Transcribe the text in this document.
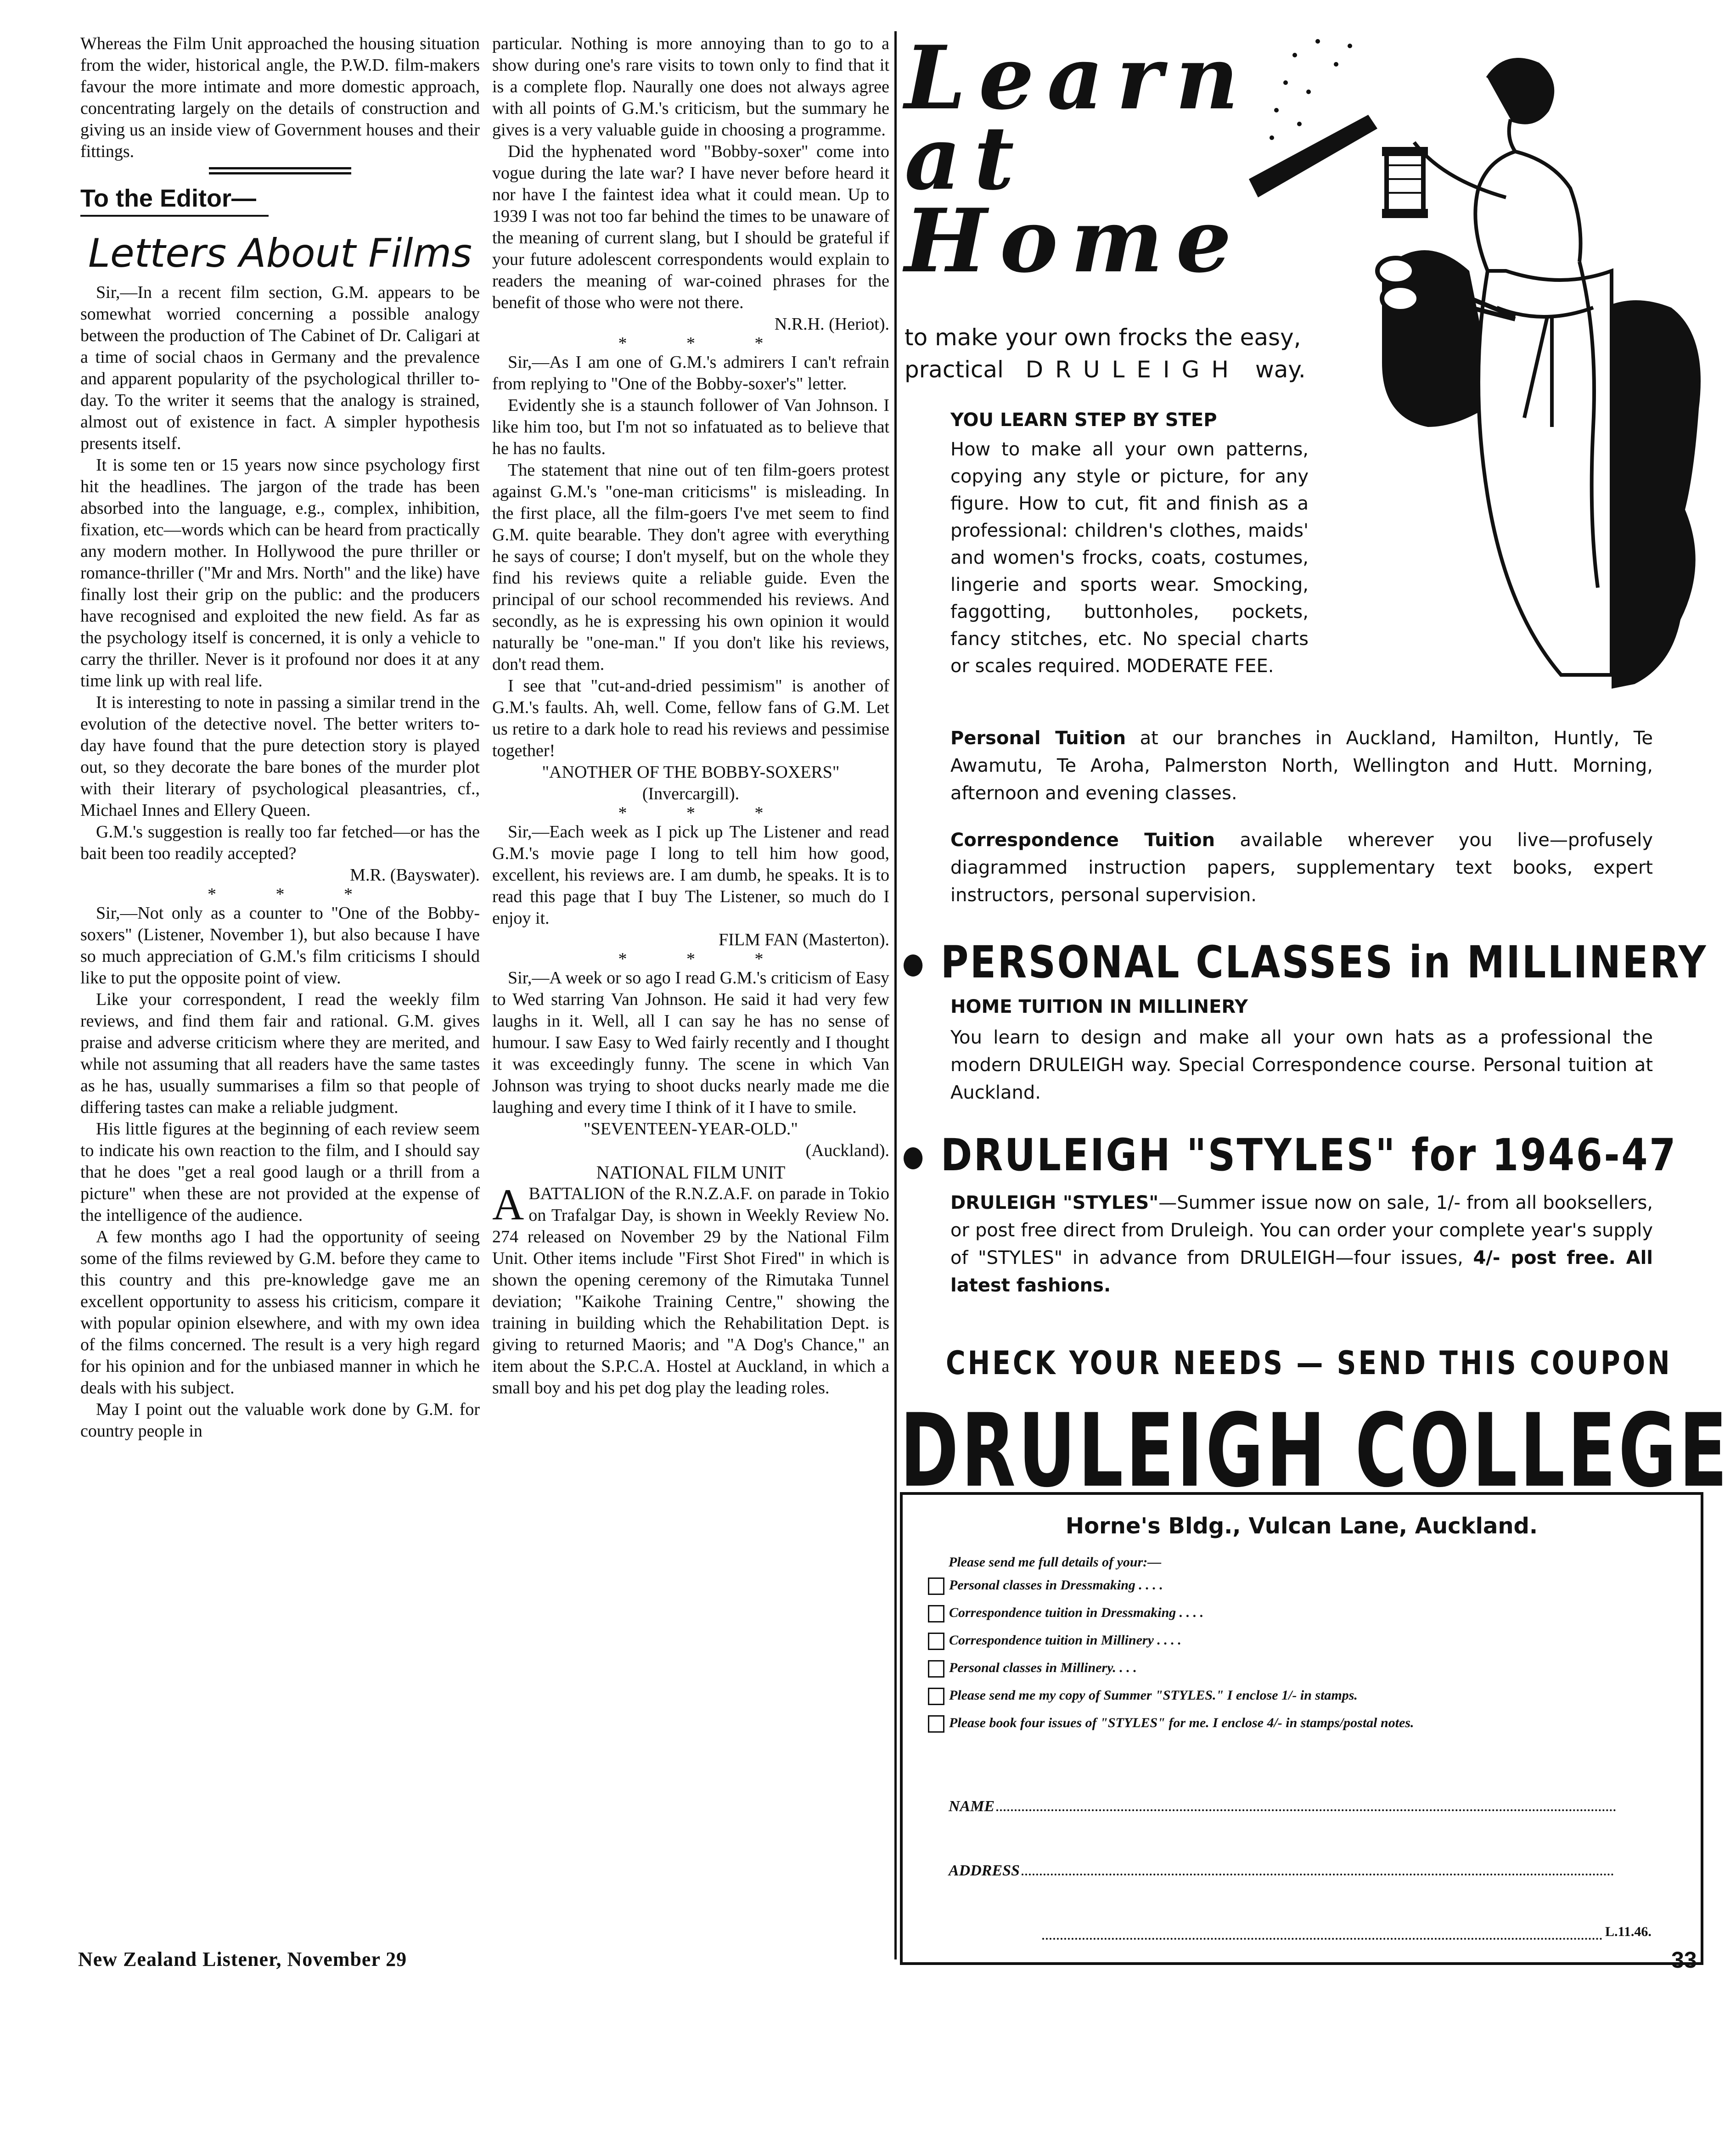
Whereas the Film Unit approached the housing situation from the wider, historical angle, the P.W.D. film-makers favour the more intimate and more domestic approach, concentrating largely on the details of construction and giving us an inside view of Government houses and their fittings.

To the Editor—
Letters About Films

Sir,—In a recent film section, G.M. appears to be somewhat worried concerning a possible analogy between the production of The Cabinet of Dr. Caligari at a time of social chaos in Germany and the prevalence and apparent popularity of the psychological thriller to-day. To the writer it seems that the analogy is strained, almost out of existence in fact. A simpler hypothesis presents itself.

It is some ten or 15 years now since psychology first hit the headlines. The jargon of the trade has been absorbed into the language, e.g., complex, inhibition, fixation, etc—words which can be heard from practically any modern mother. In Hollywood the pure thriller or romance-thriller ("Mr and Mrs. North" and the like) have finally lost their grip on the public: and the producers have recognised and exploited the new field. As far as the psychology itself is concerned, it is only a vehicle to carry the thriller. Never is it profound nor does it at any time link up with real life.

It is interesting to note in passing a similar trend in the evolution of the detective novel. The better writers to-day have found that the pure detection story is played out, so they decorate the bare bones of the murder plot with their literary of psychological pleasantries, cf., Michael Innes and Ellery Queen.

G.M.'s suggestion is really too far fetched—or has the bait been too readily accepted?

M.R. (Bayswater).

* * *

Sir,—Not only as a counter to "One of the Bobby-soxers" (Listener, November 1), but also because I have so much appreciation of G.M.'s film criticisms I should like to put the opposite point of view.

Like your correspondent, I read the weekly film reviews, and find them fair and rational. G.M. gives praise and adverse criticism where they are merited, and while not assuming that all readers have the same tastes as he has, usually summarises a film so that people of differing tastes can make a reliable judgment.

His little figures at the beginning of each review seem to indicate his own reaction to the film, and I should say that he does "get a real good laugh or a thrill from a picture" when these are not provided at the expense of the intelligence of the audience.

A few months ago I had the opportunity of seeing some of the films reviewed by G.M. before they came to this country and this pre-knowledge gave me an excellent opportunity to assess his criticism, compare it with popular opinion elsewhere, and with my own idea of the films concerned. The result is a very high regard for his opinion and for the unbiased manner in which he deals with his subject.

May I point out the valuable work done by G.M. for country people in

particular. Nothing is more annoying than to go to a show during one's rare visits to town only to find that it is a complete flop. Naurally one does not always agree with all points of G.M.'s criticism, but the summary he gives is a very valuable guide in choosing a programme.

Did the hyphenated word "Bobby-soxer" come into vogue during the late war? I have never before heard it nor have I the faintest idea what it could mean. Up to 1939 I was not too far behind the times to be unaware of the meaning of current slang, but I should be grateful if your future adolescent correspondents would explain to readers the meaning of war-coined phrases for the benefit of those who were not there.

N.R.H. (Heriot).

* * *

Sir,—As I am one of G.M.'s admirers I can't refrain from replying to "One of the Bobby-soxer's" letter.

Evidently she is a staunch follower of Van Johnson. I like him too, but I'm not so infatuated as to believe that he has no faults.

The statement that nine out of ten film-goers protest against G.M.'s "one-man criticisms" is misleading. In the first place, all the film-goers I've met seem to find G.M. quite bearable. They don't agree with everything he says of course; I don't myself, but on the whole they find his reviews quite a reliable guide. Even the principal of our school recommended his reviews. And secondly, as he is expressing his own opinion it would naturally be "one-man." If you don't like his reviews, don't read them.

I see that "cut-and-dried pessimism" is another of G.M.'s faults. Ah, well. Come, fellow fans of G.M. Let us retire to a dark hole to read his reviews and pessimise together!

"ANOTHER OF THE BOBBY-SOXERS" (Invercargill).

* * *

Sir,—Each week as I pick up The Listener and read G.M.'s movie page I long to tell him how good, excellent, his reviews are. I am dumb, he speaks. It is to read this page that I buy The Listener, so much do I enjoy it.

FILM FAN (Masterton).

* * *

Sir,—A week or so ago I read G.M.'s criticism of Easy to Wed starring Van Johnson. He said it had very few laughs in it. Well, all I can say he has no sense of humour. I saw Easy to Wed fairly recently and I thought it was exceedingly funny. The scene in which Van Johnson was trying to shoot ducks nearly made me die laughing and every time I think of it I have to smile.

"SEVENTEEN-YEAR-OLD."

(Auckland).

NATIONAL FILM UNIT

ABATTALION of the R.N.Z.A.F. on parade in Tokio on Trafalgar Day, is shown in Weekly Review No. 274 released on November 29 by the National Film Unit. Other items include "First Shot Fired" in which is shown the opening ceremony of the Rimutaka Tunnel deviation; "Kaikohe Training Centre," showing the training in building which the Rehabilitation Dept. is giving to returned Maoris; and "A Dog's Chance," an item about the S.P.C.A. Hostel at Auckland, in which a small boy and his pet dog play the leading roles.

New Zealand Listener, November 29	33
Learn
at
Home
to make your own frocks the easy,
practical DRULEIGH way.
YOU LEARN STEP BY STEP
How to make all your own patterns, copying any style or picture, for any figure. How to cut, fit and finish as a professional: children's clothes, maids' and women's frocks, coats, costumes, lingerie and sports wear. Smocking, faggotting, buttonholes, pockets, fancy stitches, etc. No special charts or scales required. MODERATE FEE.
Personal Tuition at our branches in Auckland, Hamilton, Huntly, Te Awamutu, Te Aroha, Palmerston North, Wellington and Hutt. Morning, afternoon and evening classes.
Correspondence Tuition available wherever you live—profusely diagrammed instruction papers, supplementary text books, expert instructors, personal supervision.
PERSONAL CLASSES in MILLINERY
HOME TUITION IN MILLINERY
You learn to design and make all your own hats as a professional the modern DRULEIGH way. Special Correspondence course. Personal tuition at Auckland.
DRULEIGH "STYLES" for 1946-47
DRULEIGH "STYLES"—Summer issue now on sale, 1/- from all booksellers, or post free direct from Druleigh. You can order your complete year's supply of "STYLES" in advance from DRULEIGH—four issues, 4/- post free. All latest fashions.
CHECK YOUR NEEDS — SEND THIS COUPON
DRULEIGH COLLEGE
Horne's Bldg., Vulcan Lane, Auckland.
Please send me full details of your:—
Personal classes in Dressmaking . . . .
Correspondence tuition in Dressmaking . . . .
Correspondence tuition in Millinery . . . .
Personal classes in Millinery. . . .
Please send me my copy of Summer "STYLES." I enclose 1/- in stamps.
Please book four issues of "STYLES" for me. I enclose 4/- in stamps/postal notes.
NAME
ADDRESS
L.11.46.
